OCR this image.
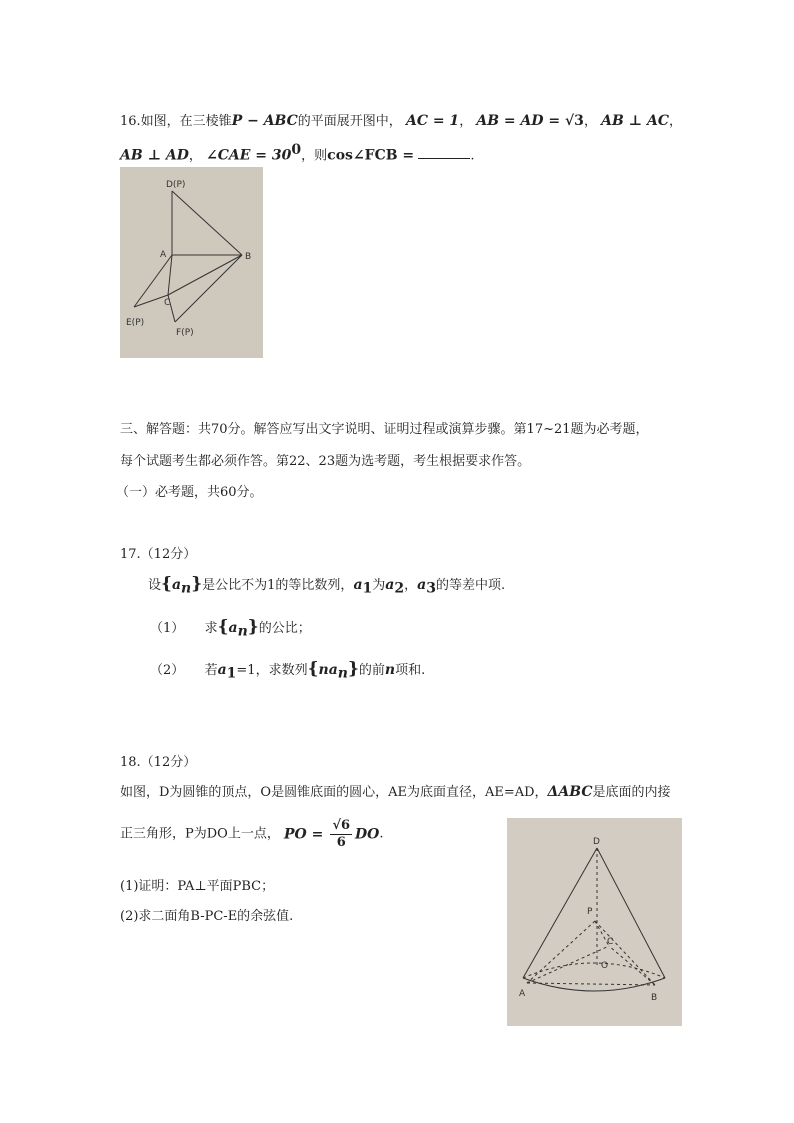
16.如图，在三棱锥P − ABC的平面展开图中， AC = 1， AB = AD = √3， AB ⊥ AC，
AB ⊥ AD， ∠CAE = $30^0$，则cos∠FCB =	.
D(P)
A	B
C
E(P)
F(P)
三、解答题：共70分。解答应写出文字说明、证明过程或演算步骤。第17~21题为必考题，
每个试题考生都必须作答。第22、23题为选考题，考生根据要求作答。
（一）必考题，共60分。
17.（12分）
设$\{a_n\}$是公比不为1的等比数列，$a_1$为$a_2$，$a_3$的等差中项.
（1） 求$\{a_n\}$的公比；
（2） 若$a_1=1$，求数列$\{na_n\}$的前n项和.
18.（12分）
如图，D为圆锥的顶点，O是圆锥底面的圆心，AE为底面直径，AE=AD，ΔABC是底面的内接
正三角形，P为DO上一点， PO = $\frac{√6}{6}$ DO.
(1)证明：PA⊥平面PBC；
(2)求二面角B-PC-E的余弦值.
D
P
C
O
A	B
